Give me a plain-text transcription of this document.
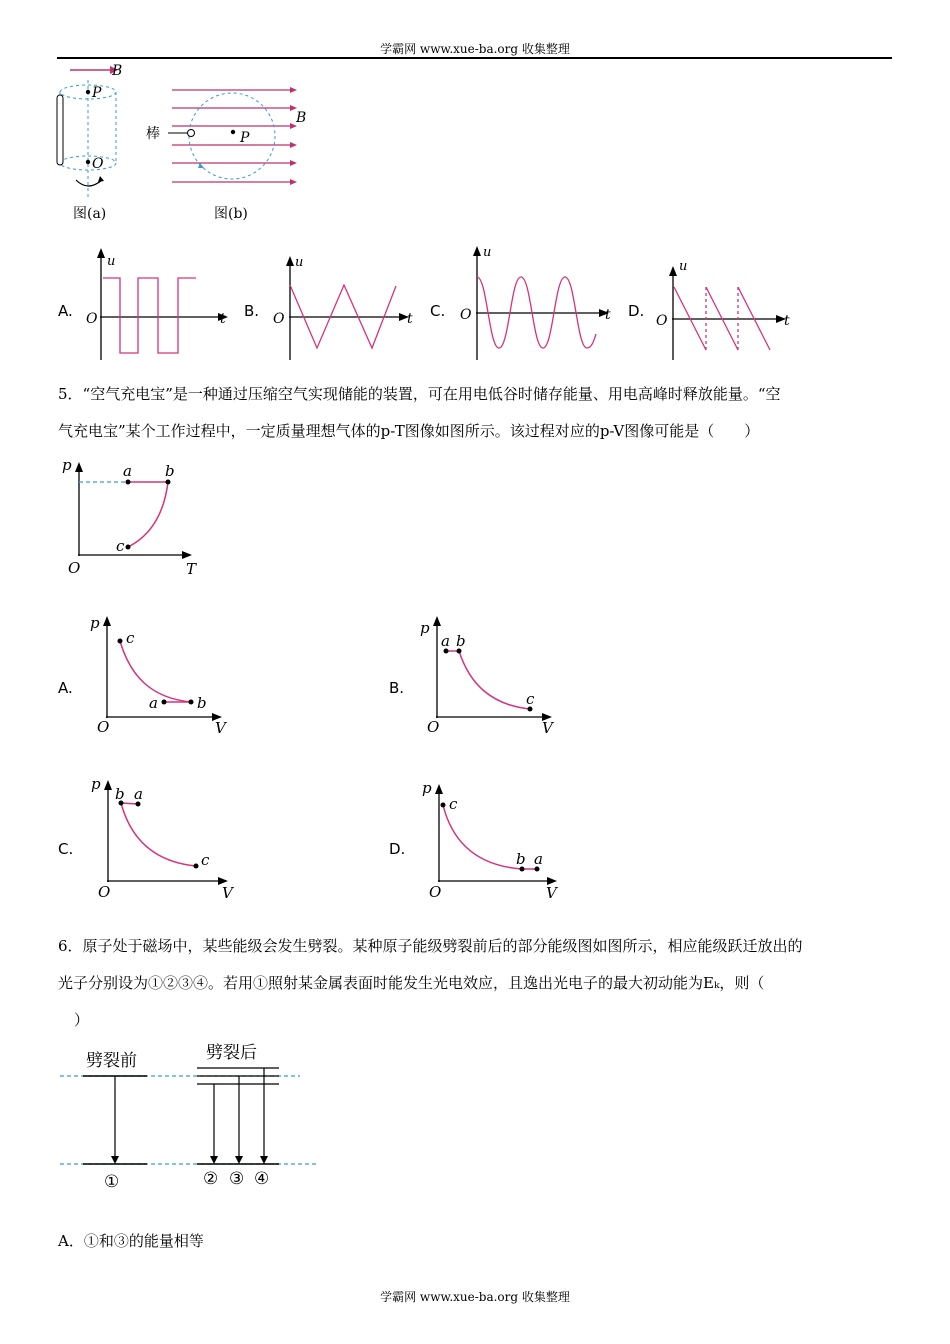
学霸网 www.xue-ba.org 收集整理
B
P
O
图(a)
B
P
棒
图(b)
u
O	t
u
O	t
u
O	t
u
O	t
A.	B.	C.	D.
5．“空气充电宝”是一种通过压缩空气实现储能的装置，可在用电低谷时储存能量、用电高峰时释放能量。“空
气充电宝”某个工作过程中，一定质量理想气体的p-T图像如图所示。该过程对应的p-V图像可能是（　　）
p
O	T
a b
c
p
O	V
c
a	b
p
O	V
a b
c
p
O	V
b a
c
p
O	V
c
b a
A.	B.
C.	D.
6．原子处于磁场中，某些能级会发生劈裂。某种原子能级劈裂前后的部分能级图如图所示，相应能级跃迁放出的
光子分别设为①②③④。若用①照射某金属表面时能发生光电效应，且逸出光电子的最大初动能为Eₖ，则（
）
劈裂前	劈裂后
①	② ③ ④
A．①和③的能量相等
学霸网 www.xue-ba.org 收集整理
